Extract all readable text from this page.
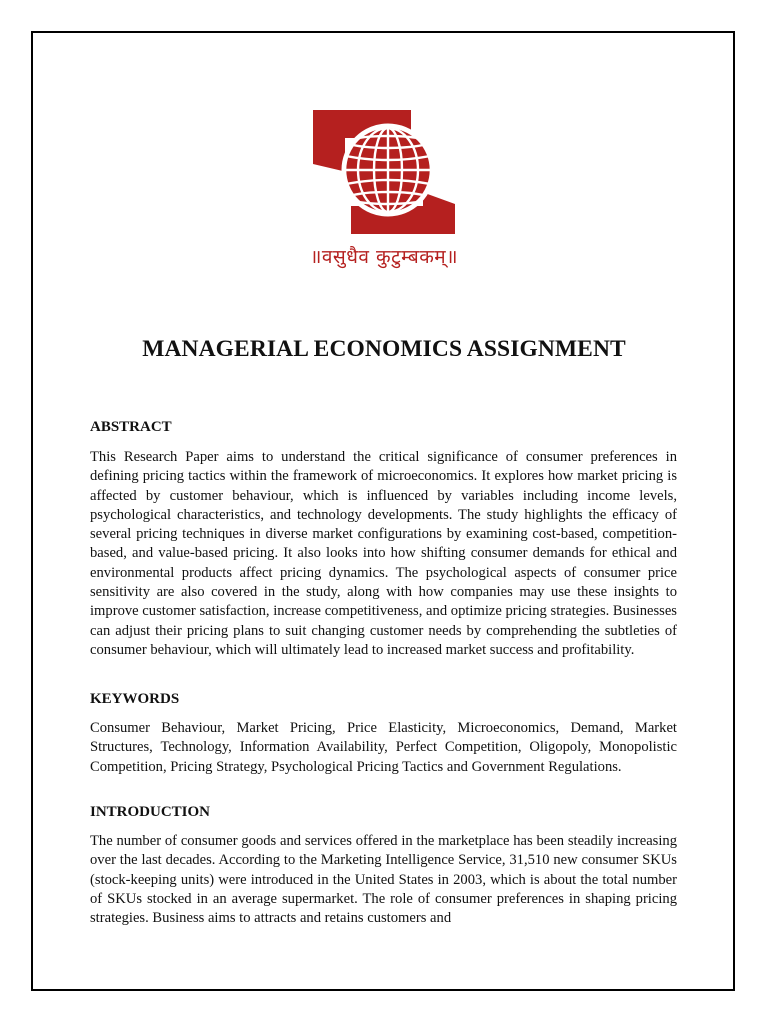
॥वसुधैव कुटुम्बकम्॥
MANAGERIAL ECONOMICS ASSIGNMENT
ABSTRACT

This Research Paper aims to understand the critical significance of consumer preferences in defining pricing tactics within the framework of microeconomics. It explores how market pricing is affected by customer behaviour, which is influenced by variables including income levels, psychological characteristics, and technology developments. The study highlights the efficacy of several pricing techniques in diverse market configurations by examining cost-based, competition-based, and value-based pricing. It also looks into how shifting consumer demands for ethical and environmental products affect pricing dynamics. The psychological aspects of consumer price sensitivity are also covered in the study, along with how companies may use these insights to improve customer satisfaction, increase competitiveness, and optimize pricing strategies. Businesses can adjust their pricing plans to suit changing customer needs by comprehending the subtleties of consumer behaviour, which will ultimately lead to increased market success and profitability.

KEYWORDS

Consumer Behaviour, Market Pricing, Price Elasticity, Microeconomics, Demand, Market Structures, Technology, Information Availability, Perfect Competition, Oligopoly, Monopolistic Competition, Pricing Strategy, Psychological Pricing Tactics and Government Regulations.

INTRODUCTION

The number of consumer goods and services offered in the marketplace has been steadily increasing over the last decades. According to the Marketing Intelligence Service, 31,510 new consumer SKUs (stock-keeping units) were introduced in the United States in 2003, which is about the total number of SKUs stocked in an average supermarket. The role of consumer preferences in shaping pricing strategies. Business aims to attracts and retains customers and
